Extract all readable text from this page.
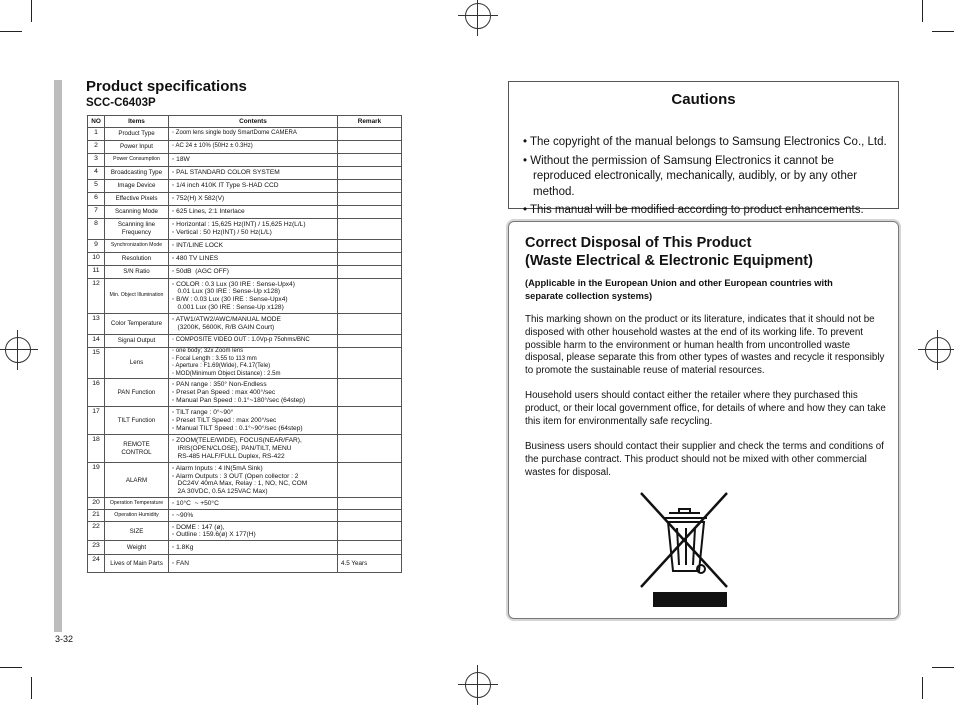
3-32
Product specifications
SCC-C6403P
NO	Items	Contents	Remark
1	Product Type	◦ Zoom lens single body SmartDome CAMERA	
2	Power Input	◦ AC 24 ± 10% (50Hz ± 0.3Hz)	
3	Power Consumption	◦ 18W	
4	Broadcasting Type	◦ PAL STANDARD COLOR SYSTEM	
5	Image Device	◦ 1/4 inch 410K IT Type S-HAD CCD	
6	Effective Pixels	◦ 752(H) X 582(V)	
7	Scanning Mode	◦ 625 Lines, 2:1 Interlace	
8	Scanning line
Frequency	◦ Horizontal : 15,625 Hz(INT) / 15,625 Hz(L/L)
◦ Vertical : 50 Hz(INT) / 50 Hz(L/L)	
9	Synchronization Mode	◦ INT/LINE LOCK	
10	Resolution	◦ 480 TV LINES	
11	S/N Ratio	◦ 50dB  (AGC OFF)	
12	Min. Object Illumination	◦ COLOR : 0.3 Lux (30 IRE : Sense-Upx4)
0.01 Lux (30 IRE : Sense-Up x128)
◦ B/W : 0.03 Lux (30 IRE : Sense-Upx4)
0.001 Lux (30 IRE : Sense-Up x128)	
13	Color Temperature	◦ ATW1/ATW2/AWC/MANUAL MODE
(3200K, 5600K, R/B GAIN Court)	
14	Signal Output	◦ COMPOSITE VIDEO OUT : 1.0Vp-p 75ohms/BNC	
15	Lens	◦ one body; 32x Zoom lens
◦ Focal Length : 3.55 to 113 mm
◦ Aperture : F1.69(Wide), F4.17(Tele)
◦ MOD(Minimum Object Distance) : 2.5m	
16	PAN Function	◦ PAN range : 350° Non-Endless
◦ Preset Pan Speed : max 400°/sec
◦ Manual Pan Speed : 0.1°~180°/sec (64step)	
17	TILT Function	◦ TILT range : 0°~90°
◦ Preset TILT Speed : max 200°/sec
◦ Manual TILT Speed : 0.1°~90°/sec (64step)	
18	REMOTE
CONTROL	◦ ZOOM(TELE/WIDE), FOCUS(NEAR/FAR),
IRIS(OPEN/CLOSE), PAN/TILT, MENU
RS-485 HALF/FULL Duplex, RS-422	
19	ALARM	◦ Alarm Inputs : 4 IN(5mA Sink)
◦ Alarm Outputs : 3 OUT (Open collector : 2
DC24V 40mA Max, Relay : 1, NO, NC, COM
2A 30VDC, 0.5A 125VAC Max)	
20	Operation Temperature	◦ 10°C  ~ +50°C	
21	Operation Humidity	◦ ~90%	
22	SIZE	◦ DOME : 147 (ø),
◦ Outline : 159.6(ø) X 177(H)	
23	Weight	◦ 1.8Kg	
24	Lives of Main Parts	◦ FAN	4.5 Years
Cautions
• The copyright of the manual belongs to Samsung Electronics Co., Ltd.
• Without the permission of Samsung Electronics it cannot be reproduced electronically, mechanically, audibly, or by any other method.
• This manual will be modified according to product enhancements.
Correct Disposal of This Product
(Waste Electrical & Electronic Equipment)
(Applicable in the European Union and other European countries with separate collection systems)

This marking shown on the product or its literature, indicates that it should not be disposed with other household wastes at the end of its working life. To prevent possible harm to the environment or human health from uncontrolled waste disposal, please separate this from other types of wastes and recycle it responsibly to promote the sustainable reuse of material resources.

Household users should contact either the retailer where they purchased this product, or their local government office, for details of where and how they can take this item for environmentally safe recycling.

Business users should contact their supplier and check the terms and conditions of the purchase contract. This product should not be mixed with other commercial wastes for disposal.
